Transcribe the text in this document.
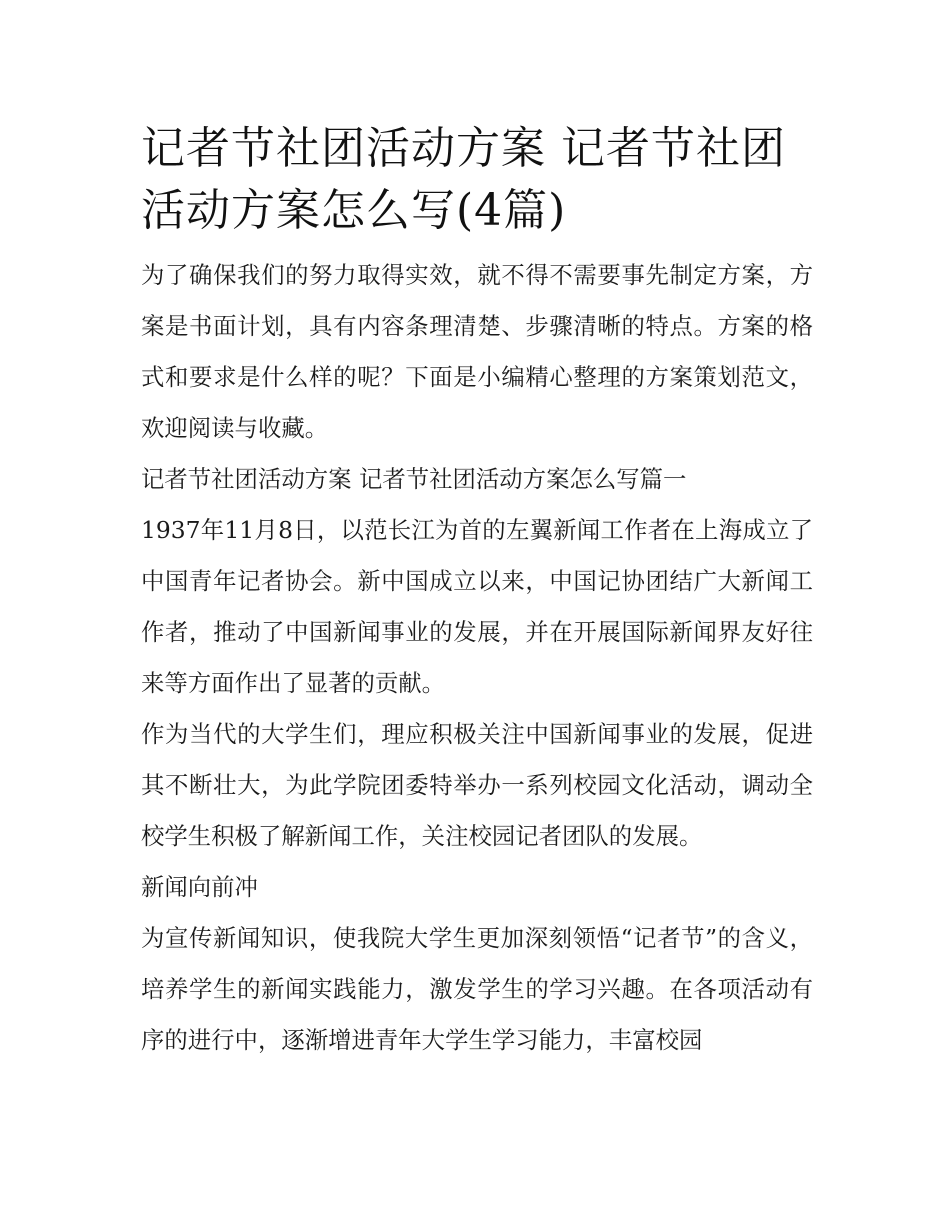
记者节社团活动方案 记者节社团活动方案怎么写(4篇)

为了确保我们的努力取得实效，就不得不需要事先制定方案，方案是书面计划，具有内容条理清楚、步骤清晰的特点。方案的格式和要求是什么样的呢？下面是小编精心整理的方案策划范文，欢迎阅读与收藏。

记者节社团活动方案 记者节社团活动方案怎么写篇一

1937年11月8日，以范长江为首的左翼新闻工作者在上海成立了中国青年记者协会。新中国成立以来，中国记协团结广大新闻工作者，推动了中国新闻事业的发展，并在开展国际新闻界友好往来等方面作出了显著的贡献。

作为当代的大学生们，理应积极关注中国新闻事业的发展，促进其不断壮大，为此学院团委特举办一系列校园文化活动，调动全校学生积极了解新闻工作，关注校园记者团队的发展。

新闻向前冲

为宣传新闻知识，使我院大学生更加深刻领悟“记者节”的含义，培养学生的新闻实践能力，激发学生的学习兴趣。在各项活动有序的进行中，逐渐增进青年大学生学习能力，丰富校园
